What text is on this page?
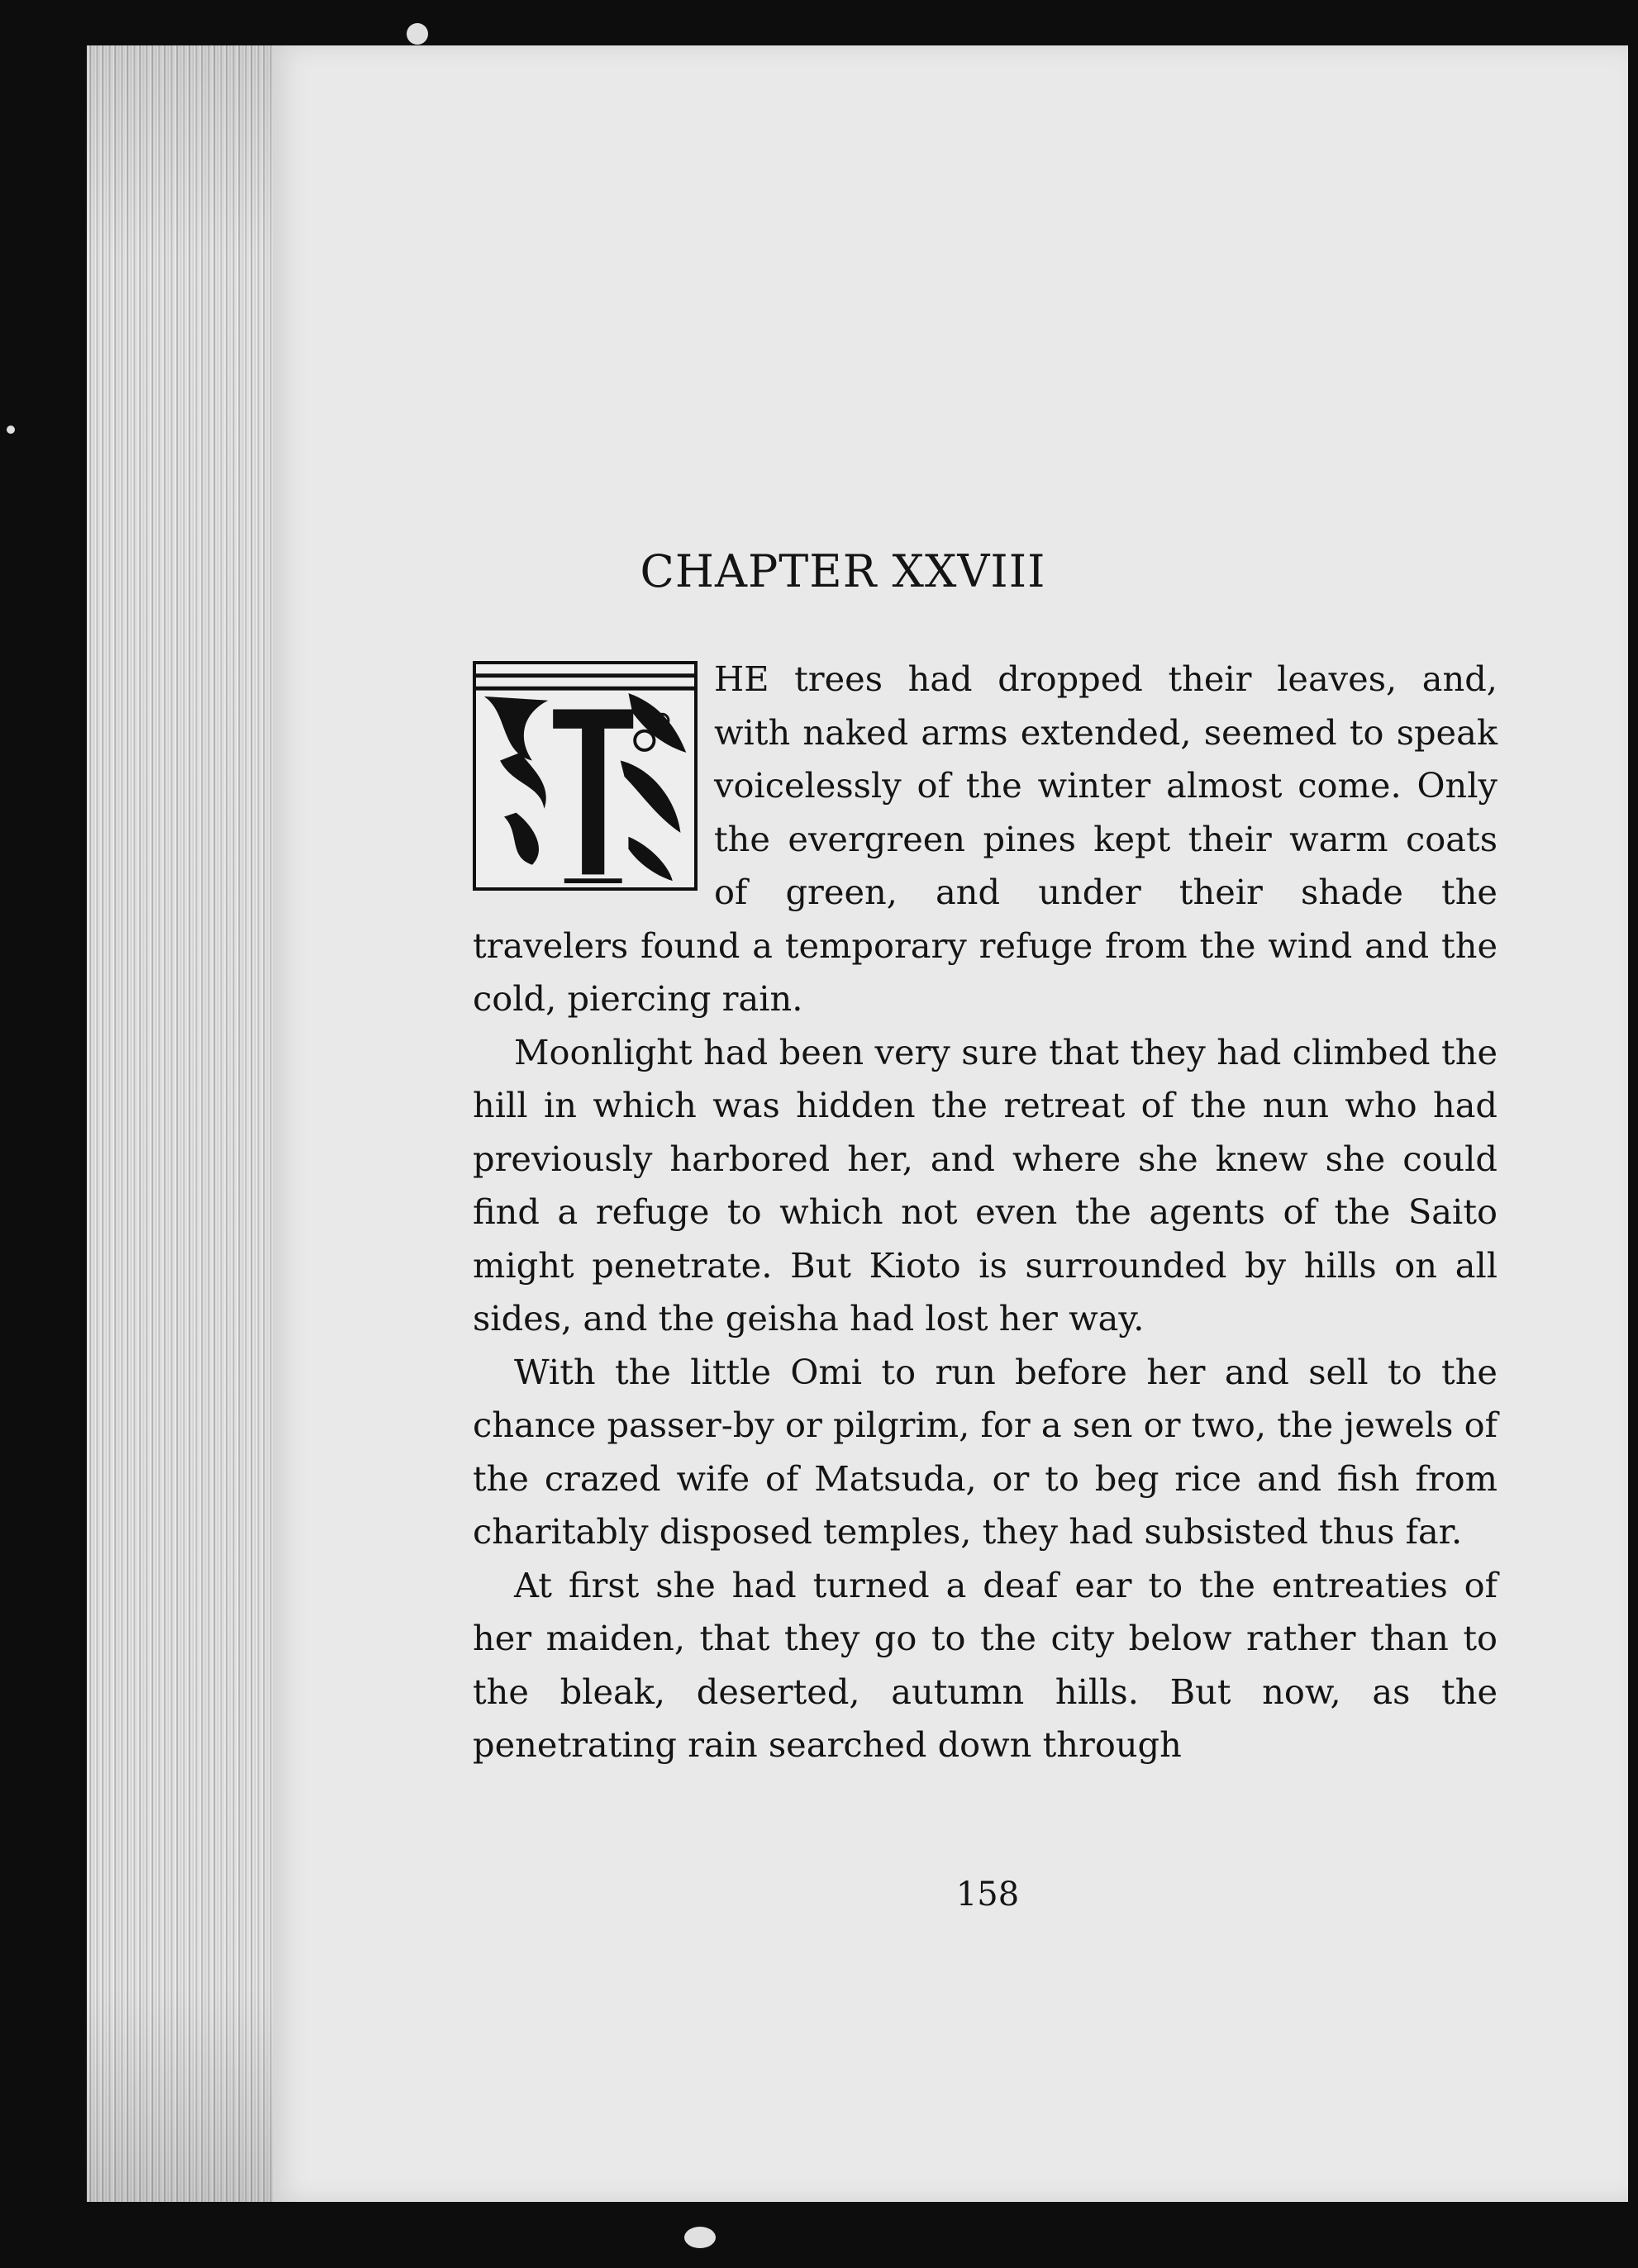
CHAPTER XXVIII

HE trees had dropped their leaves, and, with naked arms extended, seemed to speak voicelessly of the winter almost come. Only the evergreen pines kept their warm coats of green, and under their shade the travelers found a temporary refuge from the wind and the cold, piercing rain.

Moonlight had been very sure that they had climbed the hill in which was hidden the retreat of the nun who had previously harbored her, and where she knew she could find a refuge to which not even the agents of the Saito might penetrate. But Kioto is surrounded by hills on all sides, and the geisha had lost her way.

With the little Omi to run before her and sell to the chance passer-by or pilgrim, for a sen or two, the jewels of the crazed wife of Matsuda, or to beg rice and fish from charitably disposed temples, they had subsisted thus far.

At first she had turned a deaf ear to the entreaties of her maiden, that they go to the city below rather than to the bleak, deserted, autumn hills. But now, as the penetrating rain searched down through

158
